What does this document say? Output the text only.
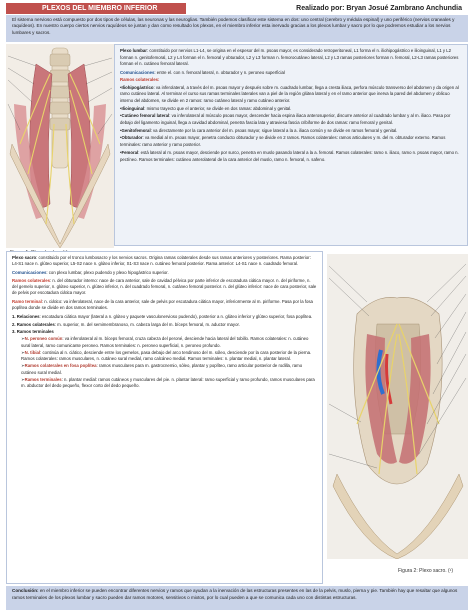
PLEXOS DEL MIEMBRO INFERIOR	Realizado por: Bryan Josué Zambrano Anchundia

El sistema nervioso está compuesto por dos tipos de células, las neuronas y las neuroglias. También podemos clasificar este sistema en dos: uno central (cerebro y médula espinal) y uno periférico (nervios craneales y raquídeos). En nuestro cuerpo ciertos nervios raquídeos se juntan y dan como resultado los plexos, en el miembro inferior esta inervado gracias a los plexos lumbar y sacro por lo que podremos estudiar a los nervios lumbares y sacros.

Plexo lumbar: constituido por nervios L1-L4, se origina en el espesor del m. psoas mayor, es considerado retroperitoneal, L1 forma el n. iliohipogástrico e ilioinguinal, L1 y L2 forman n. genitofemoral, L2 y L4 forman el n. femoral y obturador, L2 y L3 forman n. femorocutáneo lateral, L2 y L3 ramas posteriores forman n. femoral, L2-L3 ramas posteriores forman el n. cutáneo femoral lateral.

Comunicaciones: entre el. con n. femoral lateral, n. obturador y n. peroneo superficial

Ramos colaterales:

•Iliohipogástrico: va inferolateral, a través del m. psoas mayor y después sobre m. cuadrado lumbar, llega a cresta iliaca, perfora músculo transverso del abdomen y da origen al ramo cutáneo lateral. Al terminar el curso sus ramas terminales laterales van a piel de la región glútea lateral y en el ramo anterior que inerva la pared del abdomen y oblicuo interno del abdomen, se divide en 2 ramos: ramo cutáneo lateral y ramo cutáneo anterior.

•Ilioinguinal: mismo trayecto que el anterior, se divide en dos ramas: abdominal y genital.

•Cutáneo femoral lateral: va inferolateral al músculo psoas mayor, descender hacia espina iliaca anterosuperior, discurre anterior al cuadrado lumbar y al m. iliaco. Pasa por debajo del ligamento inguinal, llega a cavidad abdominal, penetra fascia lata y atraviesa fascia cribiforme de dos ramas: ramo femoral y genital.

•Genitofemoral: va directamente por la cara anterior del m. psoas mayor, sigue lateral a la a. iliaca común y se divide en ramos femoral y genital.

•Obturador: va medial al m. psoas mayor, penetra conducto obturador y se divide en 2 ramos. Ramos colaterales: ramos articulares y m. del m. obturador externo. Ramos terminales: ramo anterior y ramo posterior.

•Femoral: está lateral al m. psoas mayor, desciende por surco, penetra en muslo pasando lateral a la a. femoral. Ramos colaterales: ramo n. iliaco, ramo n. psoas mayor, ramo n. pectíneo. Ramos terminales: cutáneo anterolateral de la cara anterior del muslo, ramo n. femoral, n. safeno.

Plexo sacro: constituido por el tronco lumbosacro y los nervios sacros. Origina ramas colaterales desde sus ramas anteriores y posteriores. Rama posterior: L4-S1 nace n. glúteo superior, L5-S2 nace n. glúteo inferior, S1-S3 nace n. cutáneo femoral posterior. Rama anterior: L4-S1 nace n. cuadrado femoral.

Comunicaciones: con plexo lumbar, plexo pudendo y plexo hipogástrico superior.

Ramos colaterales: n. del obturador interno: nace de cara anterior, sale de cavidad pélvica por parte inferior de escotadura ciática mayor. n. del piriforme, n. del gemelo superior, n. glúteo superior, n. glúteo inferior, n. del cuadrado femoral, n. cutáneo femoral posterior. n. del glúteo inferior: nace de cara posterior, sale de pelvis por escotadura ciática mayor.

Ramo terminal: n. ciático: va inferolateral, nace de la cara anterior, sale de pelvis por escotadura ciática mayor, inferiormente al m. piriforme. Pasa por la fosa poplítea donde se divide en dos ramos terminales.

1. Relaciones: escotadura ciática mayor (lateral a n. glúteo y paquete vasculonervioso pudendo), posterior a n. glúteo inferior y glúteo superior, fosa poplítea.

2. Ramos colaterales: m. superior, m. del semimembranoso, m. cabeza larga del m. bíceps femoral, m. aductor mayor.

3. Ramos terminales

➢ N. peroneo común: va inferolateral al m. bíceps femoral, cruza cabeza del peroné, desciende hacia lateral del tobillo. Ramos colaterales: n. cutáneo sural lateral, ramo comunicante peroneo. Ramos terminales: n. peroneo superficial, n. peroneo profundo.
➢ N. tibial: continúa al n. ciático, desciende entre los gemelos, pasa debajo del arco tendinoso del m. sóleo, desciende por la cara posterior de la pierna. Ramos colaterales: ramos musculares, n. cutáneo sural medial, ramo calcáneo medial. Ramos terminales: n. plantar medial, n. plantar lateral.
➢ Ramos colaterales en fosa poplítea: ramos musculares para m. gastrocnemio, sóleo, plantar y poplíteo, ramo articular posterior de rodilla, ramo cutáneo sural medial.
➢ Ramos terminales: n. plantar medial: ramos cutáneos y musculares del pie. n. plantar lateral: ramo superficial y ramo profundo, ramos musculares para m. abductor del dedo pequeño, flexor corto del dedo pequeño.
Figura 2: Plexo sacro. (¹)

Conclusión: en el miembro inferior se pueden encontrar diferentes nervios y ramos que ayudan a la inervación de las estructuras presentes en las de la pelvis, muslo, pierna y pie. También hay que resaltar que algunos ramos terminales de los plexos lumbar y sacro pueden dar ramos motores, sensitivos o mixtos, por lo cual pueden a que se comunica cada uno con distintas estructuras.
